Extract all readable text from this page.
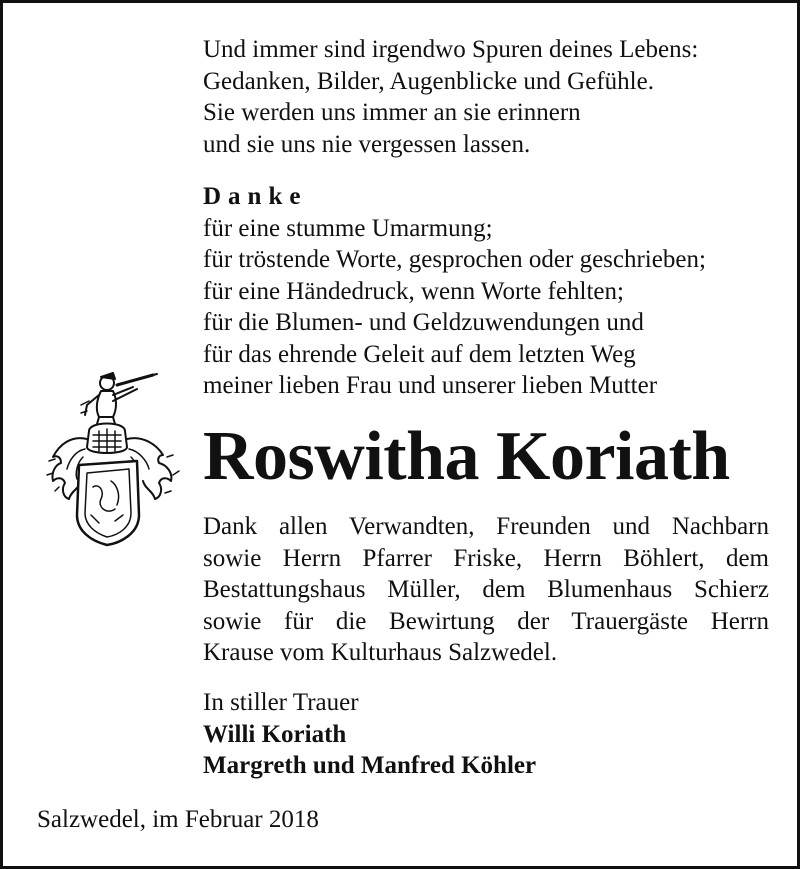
Und immer sind irgendwo Spuren deines Lebens:
Gedanken, Bilder, Augenblicke und Gefühle.
Sie werden uns immer an sie erinnern
und sie uns nie vergessen lassen.
Danke
für eine stumme Umarmung;
für tröstende Worte, gesprochen oder geschrieben;
für eine Händedruck, wenn Worte fehlten;
für die Blumen- und Geldzuwendungen und
für das ehrende Geleit auf dem letzten Weg
meiner lieben Frau und unserer lieben Mutter
Roswitha Koriath
Dank allen Verwandten, Freunden und Nachbarn
sowie Herrn Pfarrer Friske, Herrn Böhlert, dem
Bestattungshaus Müller, dem Blumenhaus Schierz
sowie für die Bewirtung der Trauergäste Herrn
Krause vom Kulturhaus Salzwedel.
In stiller Trauer
Willi Koriath
Margreth und Manfred Köhler
Salzwedel, im Februar 2018
